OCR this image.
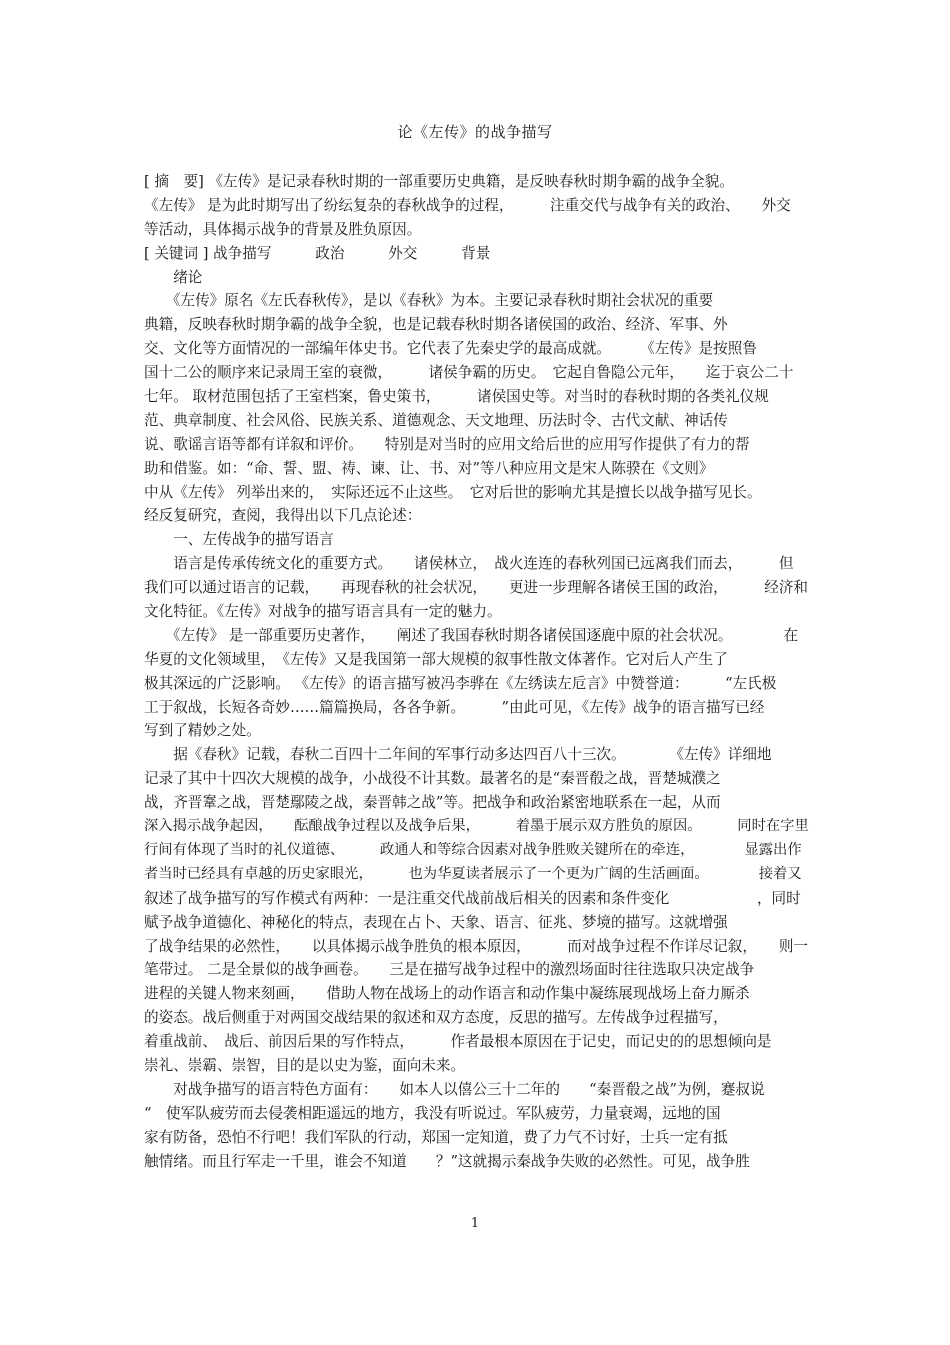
论《左传》的战争描写
[ 摘　要] 《左传》是记录春秋时期的一部重要历史典籍，是反映春秋时期争霸的战争全貌。
《左传》 是为此时期写出了纷纭复杂的春秋战争的过程，　　　注重交代与战争有关的政治、　　外交
等活动，具体揭示战争的背景及胜负原因。
[ 关键词 ] 战争描写　　　政治　　　外交　　　背景
　　绪论
　　《左传》原名《左氏春秋传》，是以《春秋》为本。主要记录春秋时期社会状况的重要
典籍，反映春秋时期争霸的战争全貌，也是记载春秋时期各诸侯国的政治、经济、军事、外
交、文化等方面情况的一部编年体史书。它代表了先秦史学的最高成就。　　　《左传》是按照鲁
国十二公的顺序来记录周王室的衰微，　　　诸侯争霸的历史。　它起自鲁隐公元年，　　迄于哀公二十
七年。 取材范围包括了王室档案，鲁史策书，　　　诸侯国史等。对当时的春秋时期的各类礼仪规
范、典章制度、社会风俗、民族关系、道德观念、天文地理、历法时令、古代文献、神话传
说、歌谣言语等都有详叙和评价。　　特别是对当时的应用文给后世的应用写作提供了有力的帮
助和借鉴。如：“命、誓、盟、祷、谏、让、书、对”等八种应用文是宋人陈骙在《文则》
中从《左传》 列举出来的，　实际还远不止这些。　它对后世的影响尤其是擅长以战争描写见长。
经反复研究，查阅，我得出以下几点论述：
　　一、左传战争的描写语言
　　语言是传承传统文化的重要方式。　　诸侯林立，　战火连连的春秋列国已远离我们而去，　　　但
我们可以通过语言的记载，　　再现春秋的社会状况，　　更进一步理解各诸侯王国的政治，　　　经济和
文化特征。《左传》对战争的描写语言具有一定的魅力。
　　《左传》 是一部重要历史著作，　　阐述了我国春秋时期各诸侯国逐鹿中原的社会状况。　　　　在
华夏的文化领域里，　《左传》又是我国第一部大规模的叙事性散文体著作。它对后人产生了
极其深远的广泛影响。 《左传》的语言描写被冯李骅在《左绣读左卮言》中赞誉道：　　　“左氏极
工于叙战，长短各奇妙……篇篇换局，各各争新。　　　”由此可见，《左传》战争的语言描写已经
写到了精妙之处。
　　据《春秋》记载，春秋二百四十二年间的军事行动多达四百八十三次。　　　　《左传》详细地
记录了其中十四次大规模的战争，小战役不计其数。最著名的是“秦晋殽之战，晋楚城濮之
战，齐晋鞌之战，晋楚鄢陵之战，秦晋韩之战”等。把战争和政治紧密地联系在一起，从而
深入揭示战争起因，　　酝酿战争过程以及战争后果，　　　着墨于展示双方胜负的原因。　　　同时在字里
行间有体现了当时的礼仪道德、　　　政通人和等综合因素对战争胜败关键所在的牵连，　　　　显露出作
者当时已经具有卓越的历史家眼光，　　　也为华夏读者展示了一个更为广阔的生活画面。　　　　接着又
叙述了战争描写的写作模式有两种：一是注重交代战前战后相关的因素和条件变化　　　　　　，同时
赋予战争道德化、神秘化的特点，表现在占卜、天象、语言、征兆、梦境的描写。这就增强
了战争结果的必然性，　　以具体揭示战争胜负的根本原因，　　　而对战争过程不作详尽记叙，　　则一
笔带过。 二是全景似的战争画卷。　　三是在描写战争过程中的激烈场面时往往选取只决定战争
进程的关键人物来刻画，　　借助人物在战场上的动作语言和动作集中凝练展现战场上奋力厮杀
的姿态。战后侧重于对两国交战结果的叙述和双方态度，反思的描写。左传战争过程描写，
着重战前、　战后、前因后果的写作特点，　　　作者最根本原因在于记史，而记史的的思想倾向是
崇礼、崇霸、崇智，目的是以史为鉴，面向未来。
　　对战争描写的语言特色方面有：　　如本人以僖公三十二年的　　“秦晋殽之战”为例，蹇叔说
“　使军队疲劳而去侵袭相距遥远的地方，我没有听说过。军队疲劳，力量衰竭，远地的国
家有防备，恐怕不行吧！我们军队的行动，郑国一定知道，费了力气不讨好，士兵一定有抵
触情绪。而且行军走一千里，谁会不知道　　？”这就揭示秦战争失败的必然性。可见，战争胜
1
